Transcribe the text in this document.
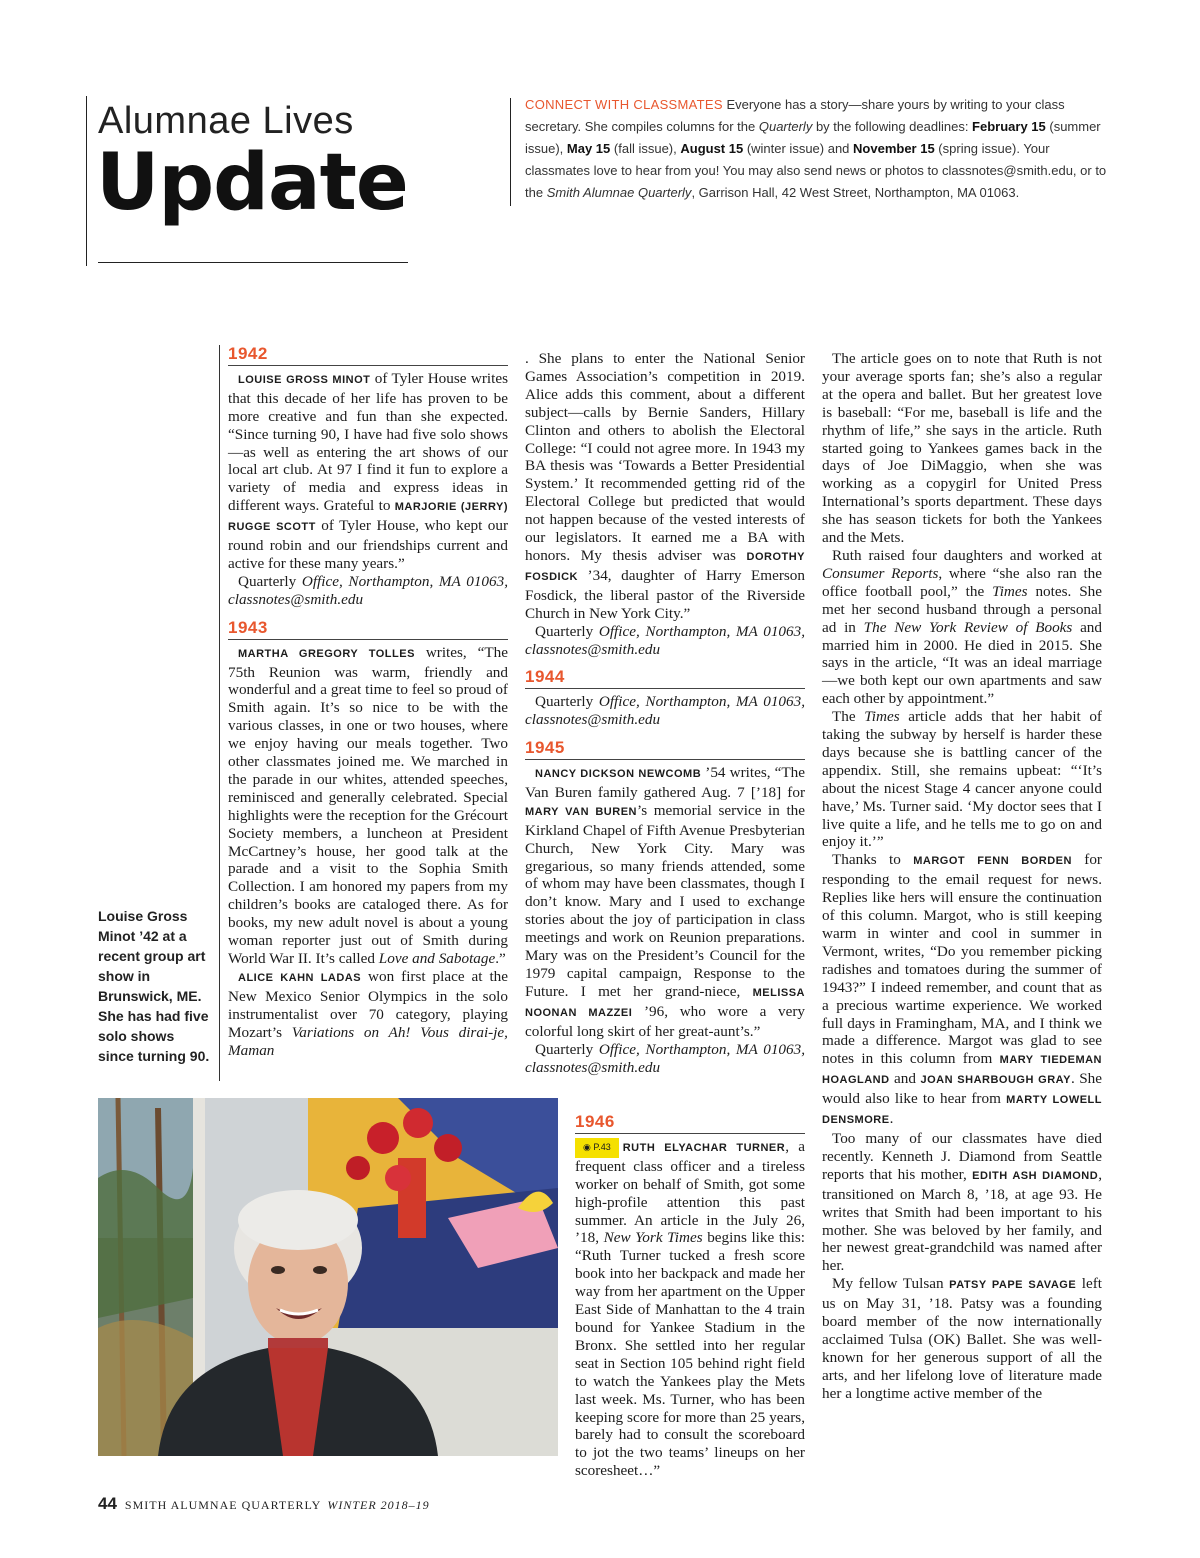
Alumnae Lives
Update
CONNECT WITH CLASSMATES Everyone has a story—share yours by writing to your class secretary. She compiles columns for the Quarterly by the following deadlines: February 15 (summer issue), May 15 (fall issue), August 15 (winter issue) and November 15 (spring issue). Your classmates love to hear from you! You may also send news or photos to classnotes@smith.edu, or to the Smith Alumnae Quarterly, Garrison Hall, 42 West Street, Northampton, MA 01063.
1942

LOUISE GROSS MINOT of Tyler House writes that this decade of her life has proven to be more creative and fun than she expected. “Since turning 90, I have had five solo shows—as well as entering the art shows of our local art club. At 97 I find it fun to explore a variety of media and express ideas in different ways. Grateful to MARJORIE (JERRY) RUGGE SCOTT of Tyler House, who kept our round robin and our friendships current and active for these many years.”

Quarterly Office, Northampton, MA 01063, classnotes@smith.edu

1943

MARTHA GREGORY TOLLES writes, “The 75th Reunion was warm, friendly and wonderful and a great time to feel so proud of Smith again. It’s so nice to be with the various classes, in one or two houses, where we enjoy having our meals together. Two other classmates joined me. We marched in the parade in our whites, attended speeches, reminisced and generally celebrated. Special highlights were the reception for the Grécourt Society members, a luncheon at President McCartney’s house, her good talk at the parade and a visit to the Sophia Smith Collection. I am honored my papers from my children’s books are cataloged there. As for books, my new adult novel is about a young woman reporter just out of Smith during World War II. It’s called Love and Sabotage.”

ALICE KAHN LADAS won first place at the New Mexico Senior Olympics in the solo instrumentalist over 70 category, playing Mozart’s Variations on Ah! Vous dirai-je, Maman

. She plans to enter the National Senior Games Association’s competition in 2019. Alice adds this comment, about a different subject—calls by Bernie Sanders, Hillary Clinton and others to abolish the Electoral College: “I could not agree more. In 1943 my BA thesis was ‘Towards a Better Presidential System.’ It recommended getting rid of the Electoral College but predicted that would not happen because of the vested interests of our legislators. It earned me a BA with honors. My thesis adviser was DOROTHY FOSDICK ’34, daughter of Harry Emerson Fosdick, the liberal pastor of the Riverside Church in New York City.”

Quarterly Office, Northampton, MA 01063, classnotes@smith.edu

1944

Quarterly Office, Northampton, MA 01063, classnotes@smith.edu

1945

NANCY DICKSON NEWCOMB ’54 writes, “The Van Buren family gathered Aug. 7 [’18] for MARY VAN BUREN’s memorial service in the Kirkland Chapel of Fifth Avenue Presbyterian Church, New York City. Mary was gregarious, so many friends attended, some of whom may have been classmates, though I don’t know. Mary and I used to exchange stories about the joy of participation in class meetings and work on Reunion preparations. Mary was on the President’s Council for the 1979 capital campaign, Response to the Future. I met her grand-niece, MELISSA NOONAN MAZZEI ’96, who wore a very colorful long skirt of her great-aunt’s.”

Quarterly Office, Northampton, MA 01063, classnotes@smith.edu

1946

◉ P.43 RUTH ELYACHAR TURNER, a frequent class officer and a tireless worker on behalf of Smith, got some high-profile attention this past summer. An article in the July 26, ’18, New York Times begins like this: “Ruth Turner tucked a fresh score book into her backpack and made her way from her apartment on the Upper East Side of Manhattan to the 4 train bound for Yankee Stadium in the Bronx. She settled into her regular seat in Section 105 behind right field to watch the Yankees play the Mets last week. Ms. Turner, who has been keeping score for more than 25 years, barely had to consult the scoreboard to jot the two teams’ lineups on her scoresheet…”

The article goes on to note that Ruth is not your average sports fan; she’s also a regular at the opera and ballet. But her greatest love is baseball: “For me, baseball is life and the rhythm of life,” she says in the article. Ruth started going to Yankees games back in the days of Joe DiMaggio, when she was working as a copygirl for United Press International’s sports department. These days she has season tickets for both the Yankees and the Mets.

Ruth raised four daughters and worked at Consumer Reports, where “she also ran the office football pool,” the Times notes. She met her second husband through a personal ad in The New York Review of Books and married him in 2000. He died in 2015. She says in the article, “It was an ideal marriage—we both kept our own apartments and saw each other by appointment.”

The Times article adds that her habit of taking the subway by herself is harder these days because she is battling cancer of the appendix. Still, she remains upbeat: “‘It’s about the nicest Stage 4 cancer anyone could have,’ Ms. Turner said. ‘My doctor sees that I live quite a life, and he tells me to go on and enjoy it.’”

Thanks to MARGOT FENN BORDEN for responding to the email request for news. Replies like hers will ensure the continuation of this column. Margot, who is still keeping warm in winter and cool in summer in Vermont, writes, “Do you remember picking radishes and tomatoes during the summer of 1943?” I indeed remember, and count that as a precious wartime experience. We worked full days in Framingham, MA, and I think we made a difference. Margot was glad to see notes in this column from MARY TIEDEMAN HOAGLAND and JOAN SHARBOUGH GRAY. She would also like to hear from MARTY LOWELL DENSMORE.

Too many of our classmates have died recently. Kenneth J. Diamond from Seattle reports that his mother, EDITH ASH DIAMOND, transitioned on March 8, ’18, at age 93. He writes that Smith had been important to his mother. She was beloved by her family, and her newest great-grandchild was named after her.

My fellow Tulsan PATSY PAPE SAVAGE left us on May 31, ’18. Patsy was a founding board member of the now internationally acclaimed Tulsa (OK) Ballet. She was well-known for her generous support of all the arts, and her lifelong love of literature made her a longtime active member of the

Louise Gross Minot ’42 at a recent group art show in Brunswick, ME. She has had five solo shows since turning 90.
44 SMITH ALUMNAE QUARTERLY WINTER 2018–19
